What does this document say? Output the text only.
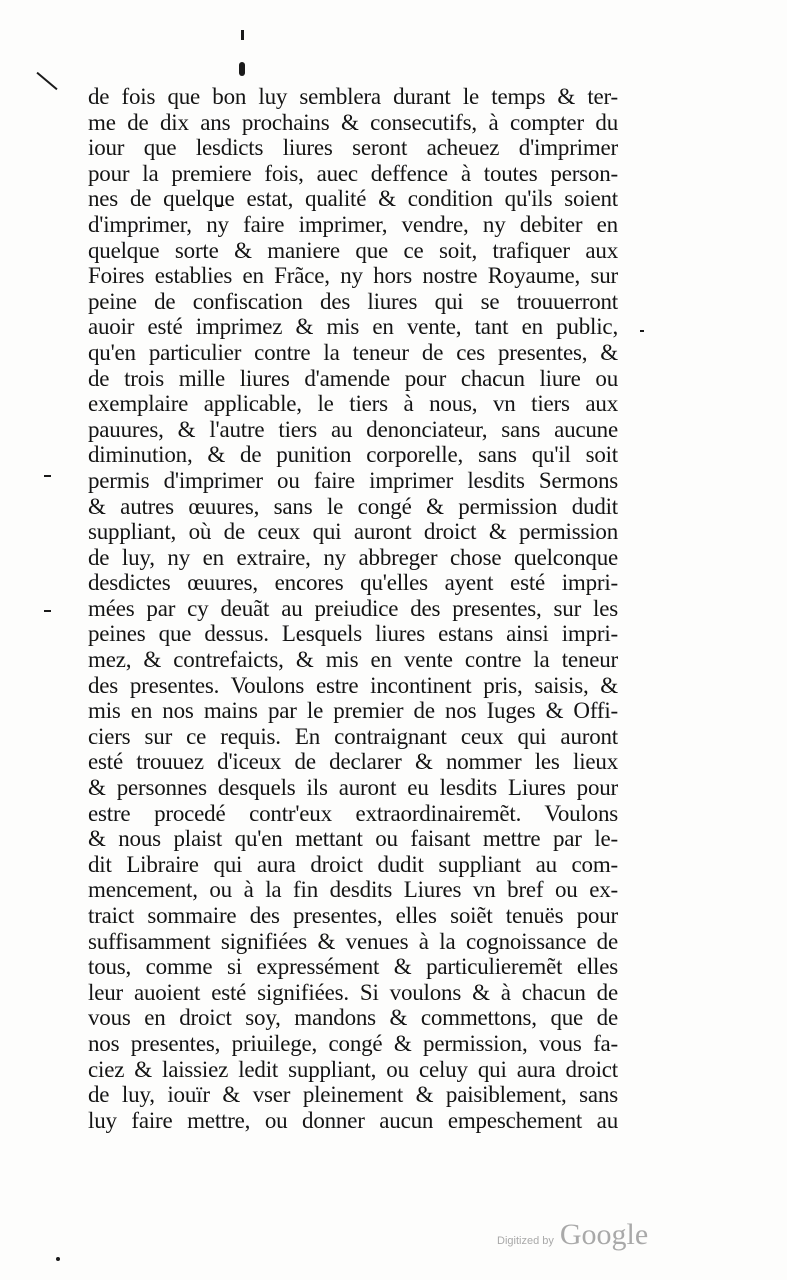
de fois que bon luy semblera durant le temps & ter-
me de dix ans prochains & consecutifs, à compter du
iour que lesdicts liures seront acheuez d'imprimer
pour la premiere fois, auec deffence à toutes person-
nes de quelque estat, qualité & condition qu'ils soient
d'imprimer, ny faire imprimer, vendre, ny debiter en
quelque sorte & maniere que ce soit, trafiquer aux
Foires establies en Frãce, ny hors nostre Royaume, sur
peine de confiscation des liures qui se trouuerront
auoir esté imprimez & mis en vente, tant en public,
qu'en particulier contre la teneur de ces presentes, &
de trois mille liures d'amende pour chacun liure ou
exemplaire applicable, le tiers à nous, vn tiers aux
pauures, & l'autre tiers au denonciateur, sans aucune
diminution, & de punition corporelle, sans qu'il soit
permis d'imprimer ou faire imprimer lesdits Sermons
& autres œuures, sans le congé & permission dudit
suppliant, où de ceux qui auront droict & permission
de luy, ny en extraire, ny abbreger chose quelconque
desdictes œuures, encores qu'elles ayent esté impri-
mées par cy deuãt au preiudice des presentes, sur les
peines que dessus. Lesquels liures estans ainsi impri-
mez, & contrefaicts, & mis en vente contre la teneur
des presentes. Voulons estre incontinent pris, saisis, &
mis en nos mains par le premier de nos Iuges & Offi-
ciers sur ce requis. En contraignant ceux qui auront
esté trouuez d'iceux de declarer & nommer les lieux
& personnes desquels ils auront eu lesdits Liures pour
estre procedé contr'eux extraordinairemẽt. Voulons
& nous plaist qu'en mettant ou faisant mettre par le-
dit Libraire qui aura droict dudit suppliant au com-
mencement, ou à la fin desdits Liures vn bref ou ex-
traict sommaire des presentes, elles soiẽt tenuës pour
suffisamment signifiées & venues à la cognoissance de
tous, comme si expressément & particulieremẽt elles
leur auoient esté signifiées. Si voulons & à chacun de
vous en droict soy, mandons & commettons, que de
nos presentes, priuilege, congé & permission, vous fa-
ciez & laissiez ledit suppliant, ou celuy qui aura droict
de luy, iouïr & vser pleinement & paisiblement, sans
luy faire mettre, ou donner aucun empeschement au
Digitized by Google
